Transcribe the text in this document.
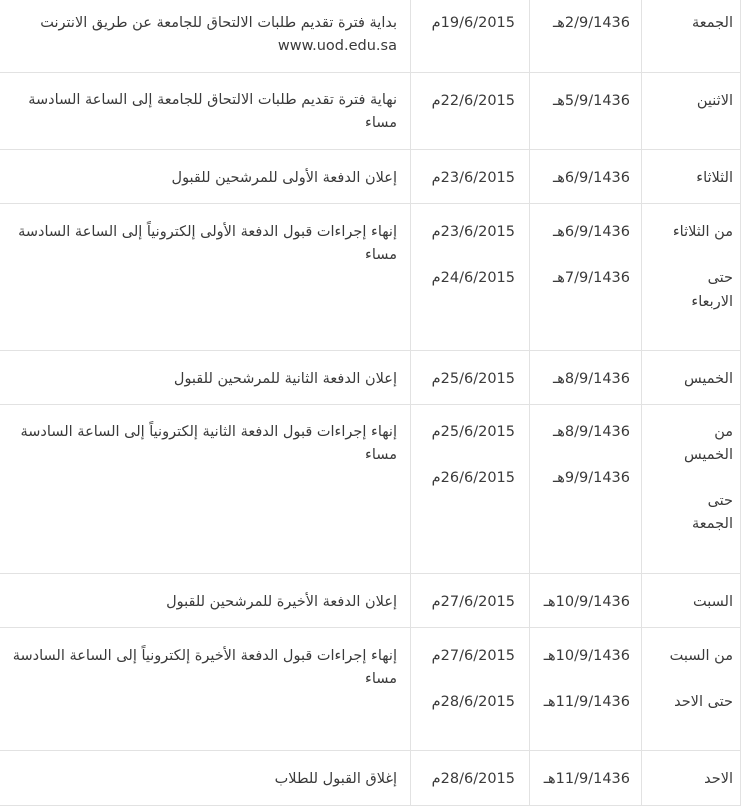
الجمعة
2/9/1436هـ
19/6/2015م
بداية فترة تقديم طلبات الالتحاق للجامعة عن طريق الانترنت
www.uod.edu.sa
الاثنين
5/9/1436هـ
22/6/2015م
نهاية فترة تقديم طلبات الالتحاق للجامعة إلى الساعة السادسة مساء
الثلاثاء
6/9/1436هـ
23/6/2015م
إعلان الدفعة الأولى للمرشحين للقبول
من الثلاثاء
حتى
الاربعاء
6/9/1436هـ
7/9/1436هـ
23/6/2015م
24/6/2015م
إنهاء إجراءات قبول الدفعة الأولى إلكترونياً إلى الساعة السادسة مساء
الخميس
8/9/1436هـ
25/6/2015م
إعلان الدفعة الثانية للمرشحين للقبول
من
الخميس
حتى
الجمعة
8/9/1436هـ
9/9/1436هـ
25/6/2015م
26/6/2015م
إنهاء إجراءات قبول الدفعة الثانية إلكترونياً إلى الساعة السادسة مساء
السبت
10/9/1436هـ
27/6/2015م
إعلان الدفعة الأخيرة للمرشحين للقبول
من السبت
حتى الاحد
10/9/1436هـ
11/9/1436هـ
27/6/2015م
28/6/2015م
إنهاء إجراءات قبول الدفعة الأخيرة إلكترونياً إلى الساعة السادسة مساء
الاحد
11/9/1436هـ
28/6/2015م
إغلاق القبول للطلاب
